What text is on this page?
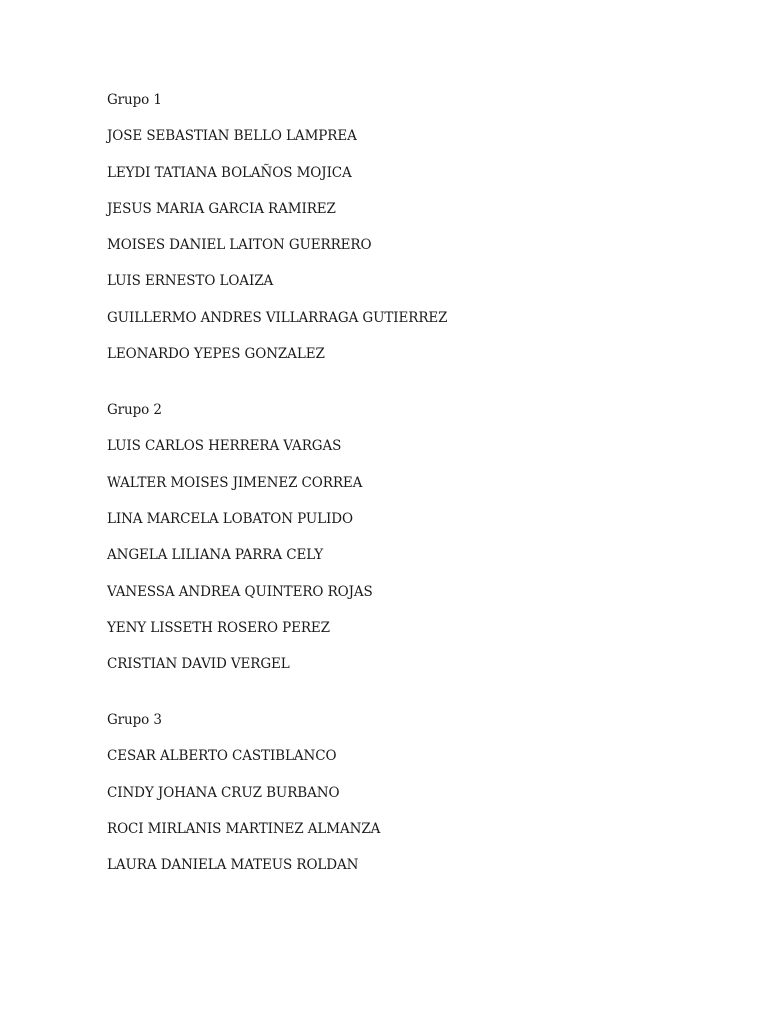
Grupo 1
JOSE SEBASTIAN BELLO LAMPREA
LEYDI TATIANA BOLAÑOS MOJICA
JESUS MARIA GARCIA RAMIREZ
MOISES DANIEL LAITON GUERRERO
LUIS ERNESTO LOAIZA
GUILLERMO ANDRES VILLARRAGA GUTIERREZ
LEONARDO YEPES GONZALEZ
Grupo 2
LUIS CARLOS HERRERA VARGAS
WALTER MOISES JIMENEZ CORREA
LINA MARCELA LOBATON PULIDO
ANGELA LILIANA PARRA CELY
VANESSA ANDREA QUINTERO ROJAS
YENY LISSETH ROSERO PEREZ
CRISTIAN DAVID VERGEL
Grupo 3
CESAR ALBERTO CASTIBLANCO
CINDY JOHANA CRUZ BURBANO
ROCI MIRLANIS MARTINEZ ALMANZA
LAURA DANIELA MATEUS ROLDAN
